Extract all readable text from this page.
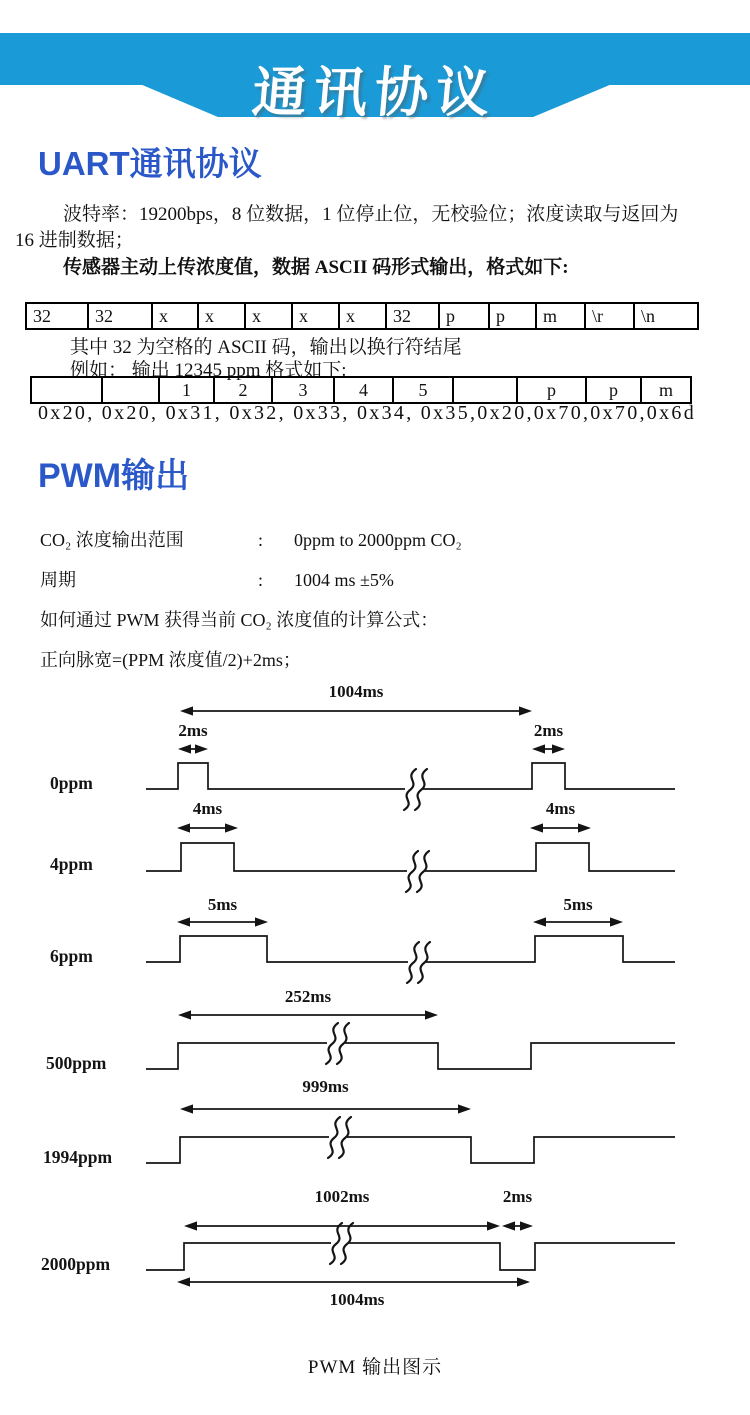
通讯协议
UART通讯协议
波特率：19200bps，8 位数据，1 位停止位，无校验位；浓度读取与返回为
16 进制数据；
传感器主动上传浓度值，数据 ASCII 码形式输出，格式如下:
32	32	x	x	x	x	x	32	p	p	m	\r	\n
其中 32 为空格的 ASCII 码，输出以换行符结尾
例如： 输出 12345 ppm 格式如下:
		1	2	3	4	5		p	p	m
0x20, 0x20, 0x31, 0x32, 0x33, 0x34, 0x35,0x20,0x70,0x70,0x6d
PWM输出
CO₂ 浓度输出范围	:	0ppm to 2000ppm CO₂
周期	:	1004 ms ±5%
如何通过 PWM 获得当前 CO₂ 浓度值的计算公式：
正向脉宽=(PPM 浓度值/2)+2ms；
2ms	2ms
1004ms
0ppm
4ms	4ms
4ppm
5ms	5ms
6ppm
252ms
500ppm
999ms
1994ppm
1002ms	2ms
1004ms
2000ppm
PWM 输出图示
